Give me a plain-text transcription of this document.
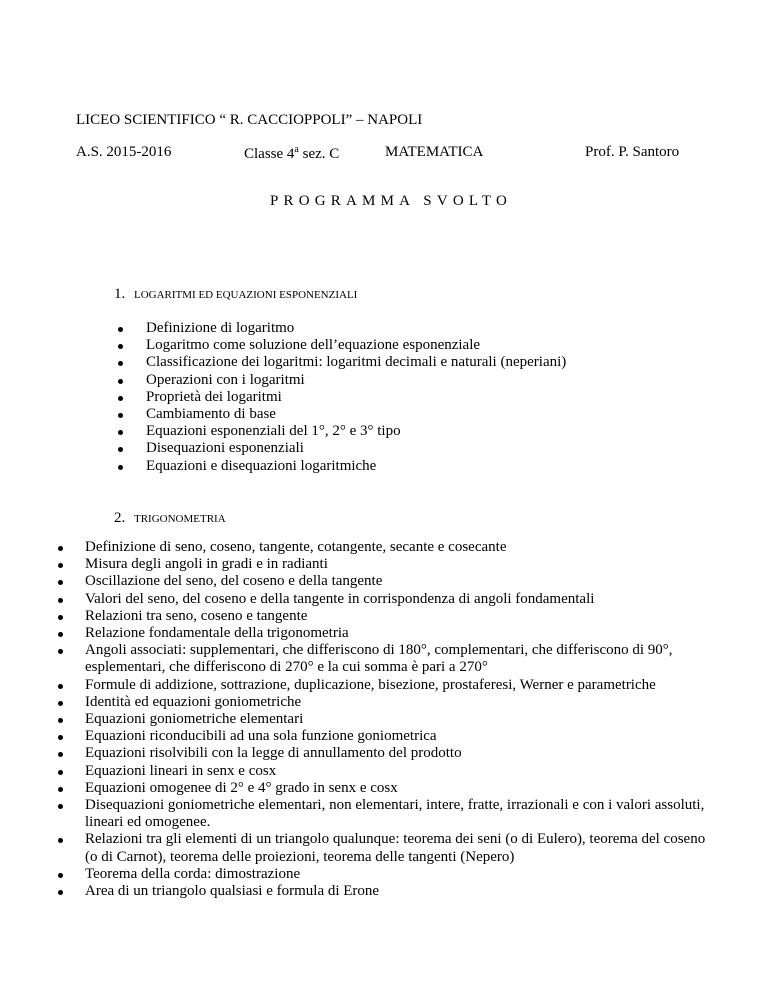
LICEO SCIENTIFICO “ R. CACCIOPPOLI” – NAPOLI
A.S. 2015-2016	Classe 4$^a$ sez. C	MATEMATICA	Prof. P. Santoro
PROGRAMMA SVOLTO
1. LOGARITMI ED EQUAZIONI ESPONENZIALI
Definizione di logaritmo
Logaritmo come soluzione dell’equazione esponenziale
Classificazione dei logaritmi: logaritmi decimali e naturali (neperiani)
Operazioni con i logaritmi
Proprietà dei logaritmi
Cambiamento di base
Equazioni esponenziali del 1°, 2° e 3° tipo
Disequazioni esponenziali
Equazioni e disequazioni logaritmiche
2. TRIGONOMETRIA
Definizione di seno, coseno, tangente, cotangente, secante e cosecante
Misura degli angoli in gradi e in radianti
Oscillazione del seno, del coseno e della tangente
Valori del seno, del coseno e della tangente in corrispondenza di angoli fondamentali
Relazioni tra seno, coseno e tangente
Relazione fondamentale della trigonometria
Angoli associati: supplementari, che differiscono di 180°, complementari, che differiscono di 90°, esplementari, che differiscono di 270° e la cui somma è pari a 270°
Formule di addizione, sottrazione, duplicazione, bisezione, prostaferesi, Werner e parametriche
Identità ed equazioni goniometriche
Equazioni goniometriche elementari
Equazioni riconducibili ad una sola funzione goniometrica
Equazioni risolvibili con la legge di annullamento del prodotto
Equazioni lineari in senx e cosx
Equazioni omogenee di 2° e 4° grado in senx e cosx
Disequazioni goniometriche elementari, non elementari, intere, fratte, irrazionali e con i valori assoluti, lineari ed omogenee.
Relazioni tra gli elementi di un triangolo qualunque: teorema dei seni (o di Eulero), teorema del coseno (o di Carnot), teorema delle proiezioni, teorema delle tangenti (Nepero)
Teorema della corda: dimostrazione
Area di un triangolo qualsiasi e formula di Erone
